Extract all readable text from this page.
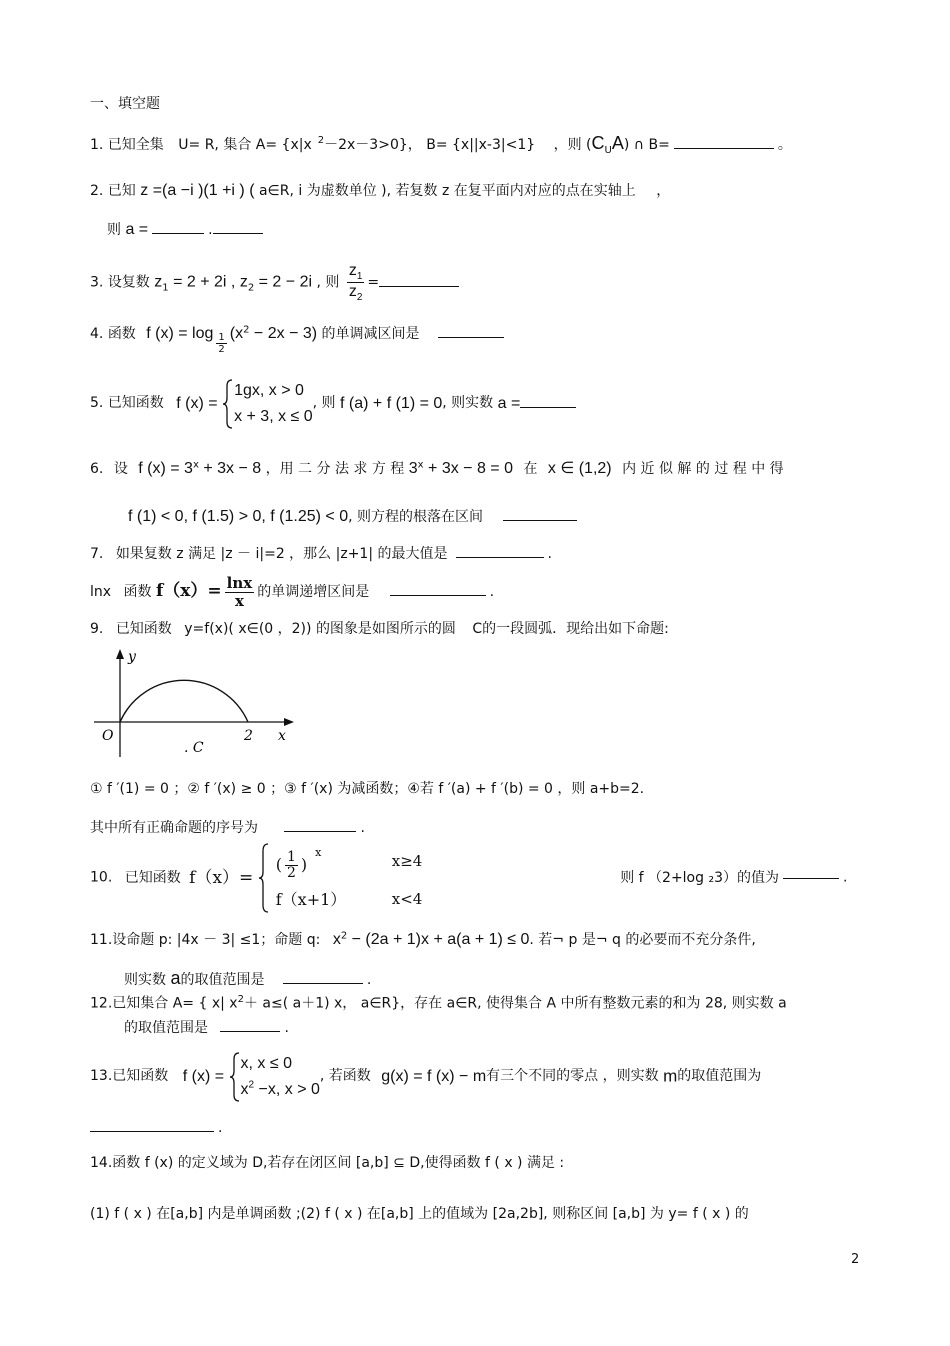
一、填空题
1. 已知全集 U= R, 集合 A= {x|x $^2$－2x－3>0}， B= {x||x-3|<1} ，则 $(C_UA)$ ∩ B=	。
2. 已知 z =(a −i )(1 +i ) ( a∈R, i 为虚数单位 ), 若复数 z 在复平面内对应的点在实轴上 ，
则 a =	.
3. 设复数 $z_1 = 2 + 2i$ , $z_2 = 2 - 2i$ , 则 $\frac{z_1}{z_2}$ =
4. 函数 f $(x) = \log \frac{1}{2} (x^2 - 2x - 3)$ 的单调减区间是
5. 已知函数 f (x) =
1gx, x > 0
x + 3, x ≤ 0
, 则 f (a) + f (1) = 0, 则实数 a =
6. 设 f $(x) = 3^x + 3x - 8$ ，用 二 分 法 求 方 程 $3^x + 3x - 8 = 0$ 在 x ∈ (1,2) 内 近 似 解 的 过 程 中 得
f (1) < 0, f (1.5) > 0, f (1.25) < 0, 则方程的根落在区间
7. 如果复数 z 满足 |z － i|=2 ，那么 |z+1| 的最大值是	.
lnx 函数 $f(x)= \frac{\ln x}{x}$ 的单调递增区间是	.
9. 已知函数 y=f(x)( x∈(0 ，2)) 的图象是如图所示的圆 C的一段圆弧．现给出如下命题:
y
x
O	2
. C
① f ′(1) = 0 ；② f ′(x) ≥ 0 ；③ f ′(x) 为减函数；④若 f ′(a) + f ′(b) = 0 ，则 a+b=2.
其中所有正确命题的序号为	.
10. 已知函数 f（x）=
( $\frac{1}{2} )^x$	x≥4
f（x+1）	x<4
则 f （2+log ₂3）的值为	.
11.设命题 p: |4x － 3| ≤1；命题 q: $x^2 - (2a + 1)x + a(a + 1) \le 0$. 若¬ p 是¬ q 的必要而不充分条件,
则实数 a的取值范围是	.
12.已知集合 A= { x| $x^2+ a\le$( a＋1) x， a∈R}，存在 a∈R, 使得集合 A 中所有整数元素的和为 28, 则实数 a
的取值范围是	.
13.已知函数 f (x) =
x, x ≤ 0
$x^2 -x$, x > 0
, 若函数 g(x) = f (x) − m有三个不同的零点 ，则实数 m的取值范围为
.
14.函数 f (x) 的定义域为 D,若存在闭区间 [a,b] ⊆ D,使得函数 f ( x ) 满足 :
(1) f ( x ) 在[a,b] 内是单调函数 ;(2) f ( x ) 在[a,b] 上的值域为 [2a,2b], 则称区间 [a,b] 为 y= f ( x ) 的
2
